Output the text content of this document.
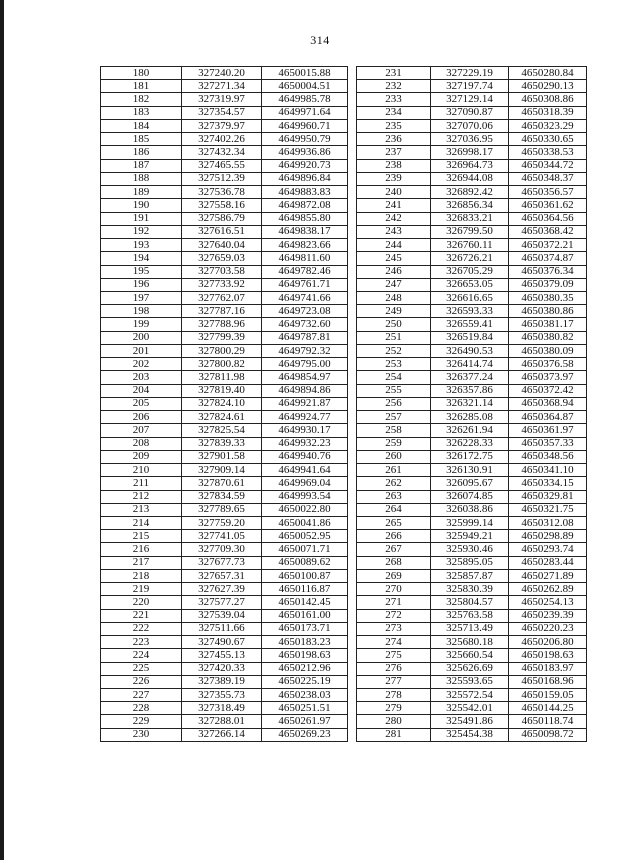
314
180	327240.20	4650015.88		231	327229.19	4650280.84
181	327271.34	4650004.51		232	327197.74	4650290.13
182	327319.97	4649985.78		233	327129.14	4650308.86
183	327354.57	4649971.64		234	327090.87	4650318.39
184	327379.97	4649960.71		235	327070.06	4650323.29
185	327402.26	4649950.79		236	327036.95	4650330.65
186	327432.34	4649936.86		237	326998.17	4650338.53
187	327465.55	4649920.73		238	326964.73	4650344.72
188	327512.39	4649896.84		239	326944.08	4650348.37
189	327536.78	4649883.83		240	326892.42	4650356.57
190	327558.16	4649872.08		241	326856.34	4650361.62
191	327586.79	4649855.80		242	326833.21	4650364.56
192	327616.51	4649838.17		243	326799.50	4650368.42
193	327640.04	4649823.66		244	326760.11	4650372.21
194	327659.03	4649811.60		245	326726.21	4650374.87
195	327703.58	4649782.46		246	326705.29	4650376.34
196	327733.92	4649761.71		247	326653.05	4650379.09
197	327762.07	4649741.66		248	326616.65	4650380.35
198	327787.16	4649723.08		249	326593.33	4650380.86
199	327788.96	4649732.60		250	326559.41	4650381.17
200	327799.39	4649787.81		251	326519.84	4650380.82
201	327800.29	4649792.32		252	326490.53	4650380.09
202	327800.82	4649795.00		253	326414.74	4650376.58
203	327811.98	4649854.97		254	326377.24	4650373.97
204	327819.40	4649894.86		255	326357.86	4650372.42
205	327824.10	4649921.87		256	326321.14	4650368.94
206	327824.61	4649924.77		257	326285.08	4650364.87
207	327825.54	4649930.17		258	326261.94	4650361.97
208	327839.33	4649932.23		259	326228.33	4650357.33
209	327901.58	4649940.76		260	326172.75	4650348.56
210	327909.14	4649941.64		261	326130.91	4650341.10
211	327870.61	4649969.04		262	326095.67	4650334.15
212	327834.59	4649993.54		263	326074.85	4650329.81
213	327789.65	4650022.80		264	326038.86	4650321.75
214	327759.20	4650041.86		265	325999.14	4650312.08
215	327741.05	4650052.95		266	325949.21	4650298.89
216	327709.30	4650071.71		267	325930.46	4650293.74
217	327677.73	4650089.62		268	325895.05	4650283.44
218	327657.31	4650100.87		269	325857.87	4650271.89
219	327627.39	4650116.87		270	325830.39	4650262.89
220	327577.27	4650142.45		271	325804.57	4650254.13
221	327539.04	4650161.00		272	325763.58	4650239.39
222	327511.66	4650173.71		273	325713.49	4650220.23
223	327490.67	4650183.23		274	325680.18	4650206.80
224	327455.13	4650198.63		275	325660.54	4650198.63
225	327420.33	4650212.96		276	325626.69	4650183.97
226	327389.19	4650225.19		277	325593.65	4650168.96
227	327355.73	4650238.03		278	325572.54	4650159.05
228	327318.49	4650251.51		279	325542.01	4650144.25
229	327288.01	4650261.97		280	325491.86	4650118.74
230	327266.14	4650269.23		281	325454.38	4650098.72
